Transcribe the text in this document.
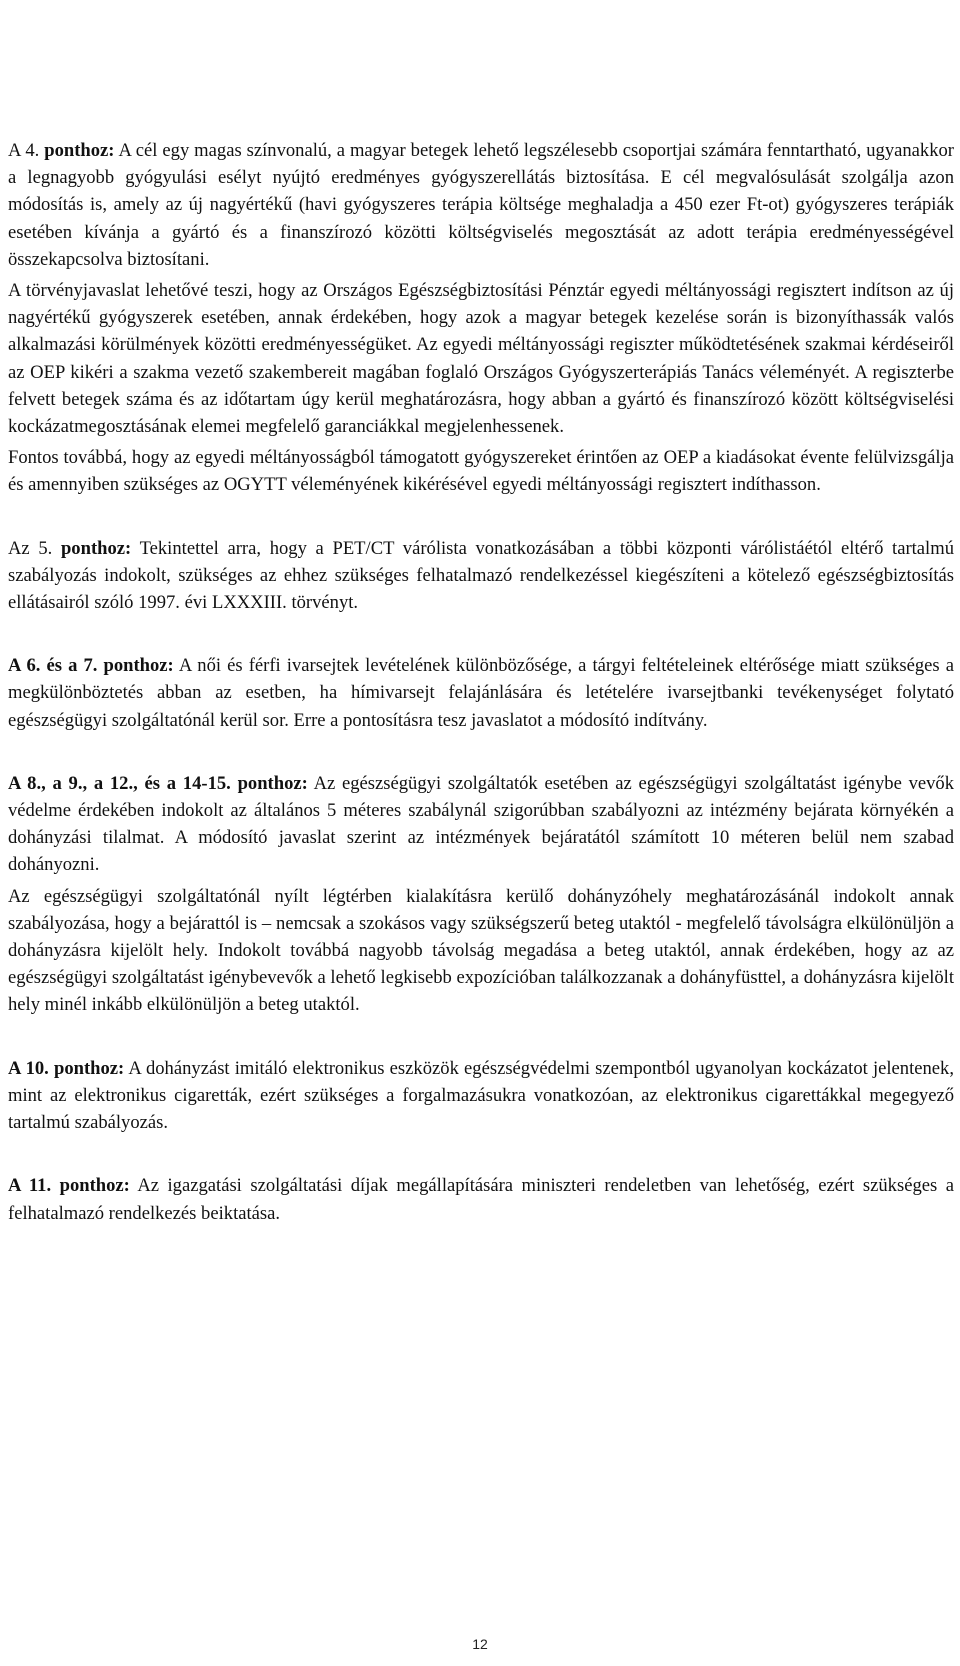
A 4. ponthoz: A cél egy magas színvonalú, a magyar betegek lehető legszélesebb csoportjai számára fenntartható, ugyanakkor a legnagyobb gyógyulási esélyt nyújtó eredményes gyógyszerellátás biztosítása. E cél megvalósulását szolgálja azon módosítás is, amely az új nagyértékű (havi gyógyszeres terápia költsége meghaladja a 450 ezer Ft-ot) gyógyszeres terápiák esetében kívánja a gyártó és a finanszírozó közötti költségviselés megosztását az adott terápia eredményességével összekapcsolva biztosítani.

A törvényjavaslat lehetővé teszi, hogy az Országos Egészségbiztosítási Pénztár egyedi méltányossági regisztert indítson az új nagyértékű gyógyszerek esetében, annak érdekében, hogy azok a magyar betegek kezelése során is bizonyíthassák valós alkalmazási körülmények közötti eredményességüket. Az egyedi méltányossági regiszter működtetésének szakmai kérdéseiről az OEP kikéri a szakma vezető szakembereit magában foglaló Országos Gyógyszerterápiás Tanács véleményét. A regiszterbe felvett betegek száma és az időtartam úgy kerül meghatározásra, hogy abban a gyártó és finanszírozó között költségviselési kockázatmegosztásának elemei megfelelő garanciákkal megjelenhessenek.

Fontos továbbá, hogy az egyedi méltányosságból támogatott gyógyszereket érintően az OEP a kiadásokat évente felülvizsgálja és amennyiben szükséges az OGYTT véleményének kikérésével egyedi méltányossági regisztert indíthasson.

Az 5. ponthoz: Tekintettel arra, hogy a PET/CT várólista vonatkozásában a többi központi várólistáétól eltérő tartalmú szabályozás indokolt, szükséges az ehhez szükséges felhatalmazó rendelkezéssel kiegészíteni a kötelező egészségbiztosítás ellátásairól szóló 1997. évi LXXXIII. törvényt.

A 6. és a 7. ponthoz: A női és férfi ivarsejtek levételének különbözősége, a tárgyi feltételeinek eltérősége miatt szükséges a megkülönböztetés abban az esetben, ha hímivarsejt felajánlására és letételére ivarsejtbanki tevékenységet folytató egészségügyi szolgáltatónál kerül sor. Erre a pontosításra tesz javaslatot a módosító indítvány.

A 8., a 9., a 12., és a 14-15. ponthoz: Az egészségügyi szolgáltatók esetében az egészségügyi szolgáltatást igénybe vevők védelme érdekében indokolt az általános 5 méteres szabálynál szigorúbban szabályozni az intézmény bejárata környékén a dohányzási tilalmat. A módosító javaslat szerint az intézmények bejáratától számított 10 méteren belül nem szabad dohányozni.

Az egészségügyi szolgáltatónál nyílt légtérben kialakításra kerülő dohányzóhely meghatározásánál indokolt annak szabályozása, hogy a bejárattól is – nemcsak a szokásos vagy szükségszerű beteg utaktól - megfelelő távolságra elkülönüljön a dohányzásra kijelölt hely. Indokolt továbbá nagyobb távolság megadása a beteg utaktól, annak érdekében, hogy az az egészségügyi szolgáltatást igénybevevők a lehető legkisebb expozícióban találkozzanak a dohányfüsttel, a dohányzásra kijelölt hely minél inkább elkülönüljön a beteg utaktól.

A 10. ponthoz: A dohányzást imitáló elektronikus eszközök egészségvédelmi szempontból ugyanolyan kockázatot jelentenek, mint az elektronikus cigaretták, ezért szükséges a forgalmazásukra vonatkozóan, az elektronikus cigarettákkal megegyező tartalmú szabályozás.

A 11. ponthoz: Az igazgatási szolgáltatási díjak megállapítására miniszteri rendeletben van lehetőség, ezért szükséges a felhatalmazó rendelkezés beiktatása.

12
